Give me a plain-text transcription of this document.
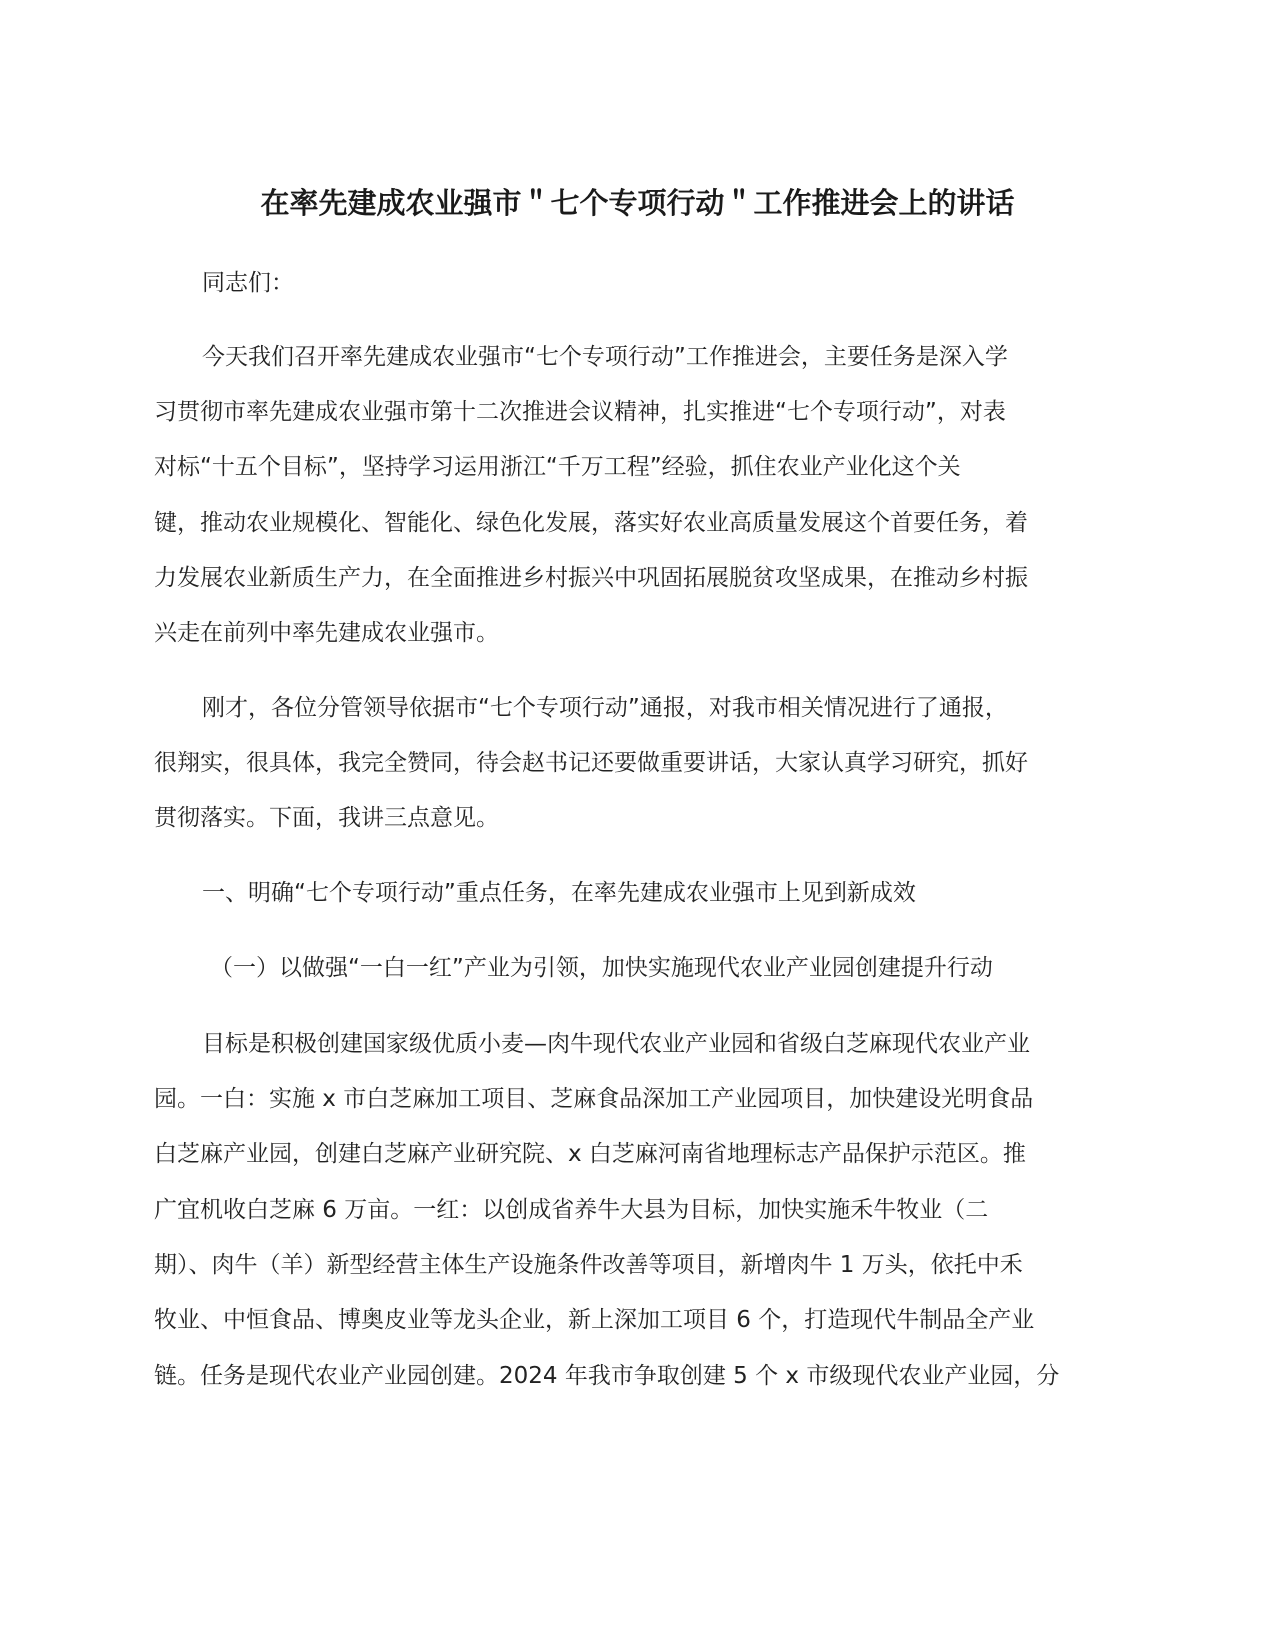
在率先建成农业强市＂七个专项行动＂工作推进会上的讲话
同志们：
今天我们召开率先建成农业强市“七个专项行动”工作推进会，主要任务是深入学
习贯彻市率先建成农业强市第十二次推进会议精神，扎实推进“七个专项行动”，对表
对标“十五个目标”，坚持学习运用浙江“千万工程”经验，抓住农业产业化这个关
键，推动农业规模化、智能化、绿色化发展，落实好农业高质量发展这个首要任务，着
力发展农业新质生产力，在全面推进乡村振兴中巩固拓展脱贫攻坚成果，在推动乡村振
兴走在前列中率先建成农业强市。
刚才，各位分管领导依据市“七个专项行动”通报，对我市相关情况进行了通报，
很翔实，很具体，我完全赞同，待会赵书记还要做重要讲话，大家认真学习研究，抓好
贯彻落实。下面，我讲三点意见。
一、明确“七个专项行动”重点任务，在率先建成农业强市上见到新成效
（一）以做强“一白一红”产业为引领，加快实施现代农业产业园创建提升行动
目标是积极创建国家级优质小麦—肉牛现代农业产业园和省级白芝麻现代农业产业
园。一白：实施 x 市白芝麻加工项目、芝麻食品深加工产业园项目，加快建设光明食品
白芝麻产业园，创建白芝麻产业研究院、x 白芝麻河南省地理标志产品保护示范区。推
广宜机收白芝麻 6 万亩。一红：以创成省养牛大县为目标，加快实施禾牛牧业（二
期）、肉牛（羊）新型经营主体生产设施条件改善等项目，新增肉牛 1 万头，依托中禾
牧业、中恒食品、博奥皮业等龙头企业，新上深加工项目 6 个，打造现代牛制品全产业
链。任务是现代农业产业园创建。2024 年我市争取创建 5 个 x 市级现代农业产业园，分
